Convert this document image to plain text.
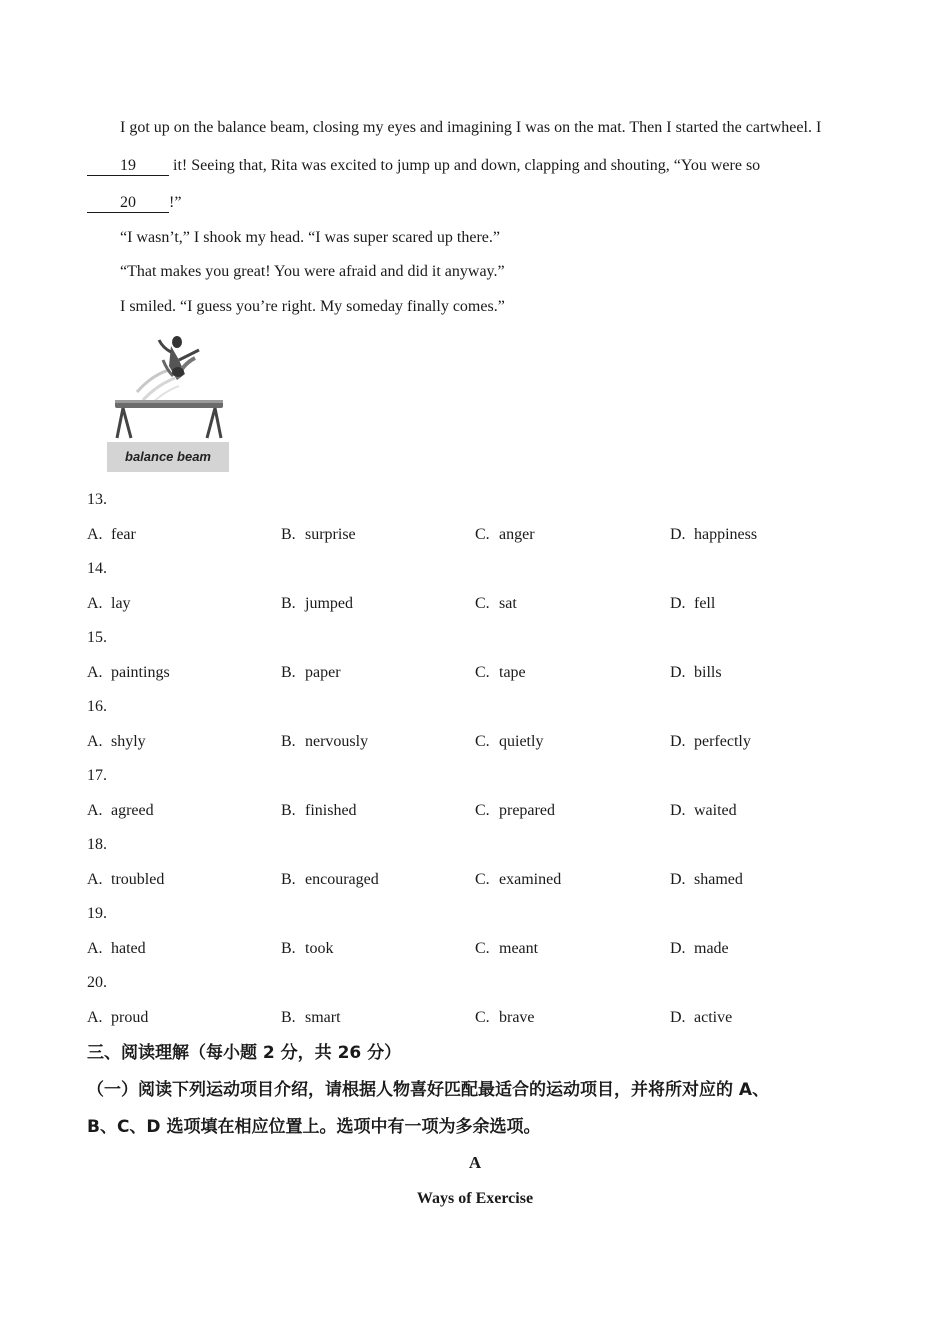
I got up on the balance beam, closing my eyes and imagining I was on the mat. Then I started the cartwheel. I
19 it! Seeing that, Rita was excited to jump up and down, clapping and shouting, “You were so
20 !”
“I wasn’t,” I shook my head. “I was super scared up there.”
“That makes you great! You were afraid and did it anyway.”
I smiled. “I guess you’re right. My someday finally comes.”
balance beam
13.
A. fear	B. surprise	C. anger	D. happiness
14.
A. lay	B. jumped	C. sat	D. fell
15.
A. paintings	B. paper	C. tape	D. bills
16.
A. shyly	B. nervously	C. quietly	D. perfectly
17.
A. agreed	B. finished	C. prepared	D. waited
18.
A. troubled	B. encouraged	C. examined	D. shamed
19.
A. hated	B. took	C. meant	D. made
20.
A. proud	B. smart	C. brave	D. active
三、阅读理解（每小题 2 分，共 26 分）
（一）阅读下列运动项目介绍，请根据人物喜好匹配最适合的运动项目，并将所对应的 A、
B、C、D 选项填在相应位置上。选项中有一项为多余选项。
A
Ways of Exercise
